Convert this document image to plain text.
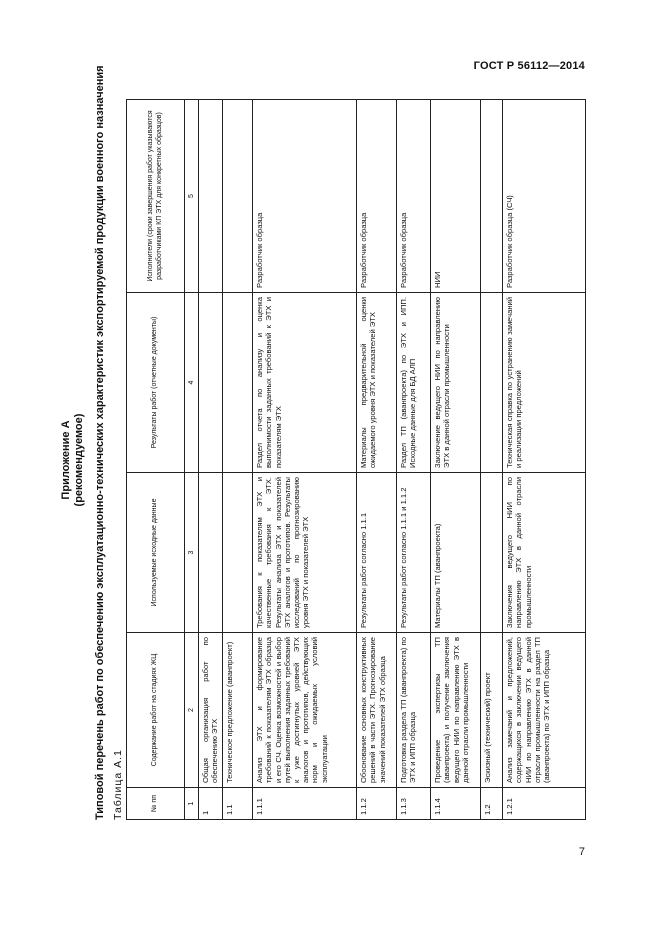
ГОСТ Р 56112—2014
Приложение А (рекомендуемое) Типовой перечень работ по обеспечению эксплуатационно-технических характеристик экспортируемой продукции военного назначения Таблица А.1	№ пп	Содержание работ на стадиях ЖЦ	Используемые исходные данные	Результаты работ (отчетные документы)	Исполнители (сроки завершения работ указываются разработчиками КП ЭТХ для конкретных образцов)
1	2	3	4	5
1	Общая организация работ по обеспечению ЭТХ			
1.1	Техническое предложение (аванпроект)			
1.1.1	Анализ ЭТХ и формирование требований к показателям ЭТХ образца и его СЧ. Оценка возможностей и выбор путей выполнения заданных требований к уже достигнутых уровней ЭТХ аналогов и прототипов, действующих норм и ожидаемых условий эксплуатации	Требования к показателям ЭТХ и качественные требования к ЭТХ. Результаты анализа ЭТХ и показателей ЭТХ аналогов и прототипов. Результаты исследований по прогнозированию уровня ЭТХ и показателей ЭТХ	Раздел отчета по анализу и оценка выполнимости заданных требований к ЭТХ и показателям ЭТХ	Разработчик образца
1.1.2	Обоснование основных конструктивных решений в части ЭТХ. Прогнозирование значений показателей ЭТХ образца	Результаты работ согласно 1.1.1	Материалы предварительной оценки ожидаемого уровня ЭТХ и показателей ЭТХ	Разработчик образца
1.1.3	Подготовка раздела ТП (аванпроекта) по ЭТХ и ИПП образца	Результаты работ согласно 1.1.1 и 1.1.2	Раздел ТП (аванпроекта) по ЭТХ и ИПП. Исходные данные для БД АЛП	Разработчик образца
1.1.4	Проведение экспертизы ТП (аванпроекта) и получение заключения ведущего НИИ по направлению ЭТХ в данной отрасли промышленности	Материалы ТП (аванпроекта)	Заключение ведущего НИИ по направлению ЭТХ в данной отрасли промышленности	НИИ
1.2	Эскизный (технический) проект			
1.2.1	Анализ замечаний и предложений, содержащихся в заключении ведущего НИИ по направлению ЭТХ в данной отрасли промышленности на раздел ТП (аванпроекта) по ЭТХ и ИПП образца	Заключения ведущего НИИ по направлению ЭТХ в данной отрасли промышленности	Техническая справка по устранению замечаний и реализации предложений	Разработчик образца (СЧ)
7
